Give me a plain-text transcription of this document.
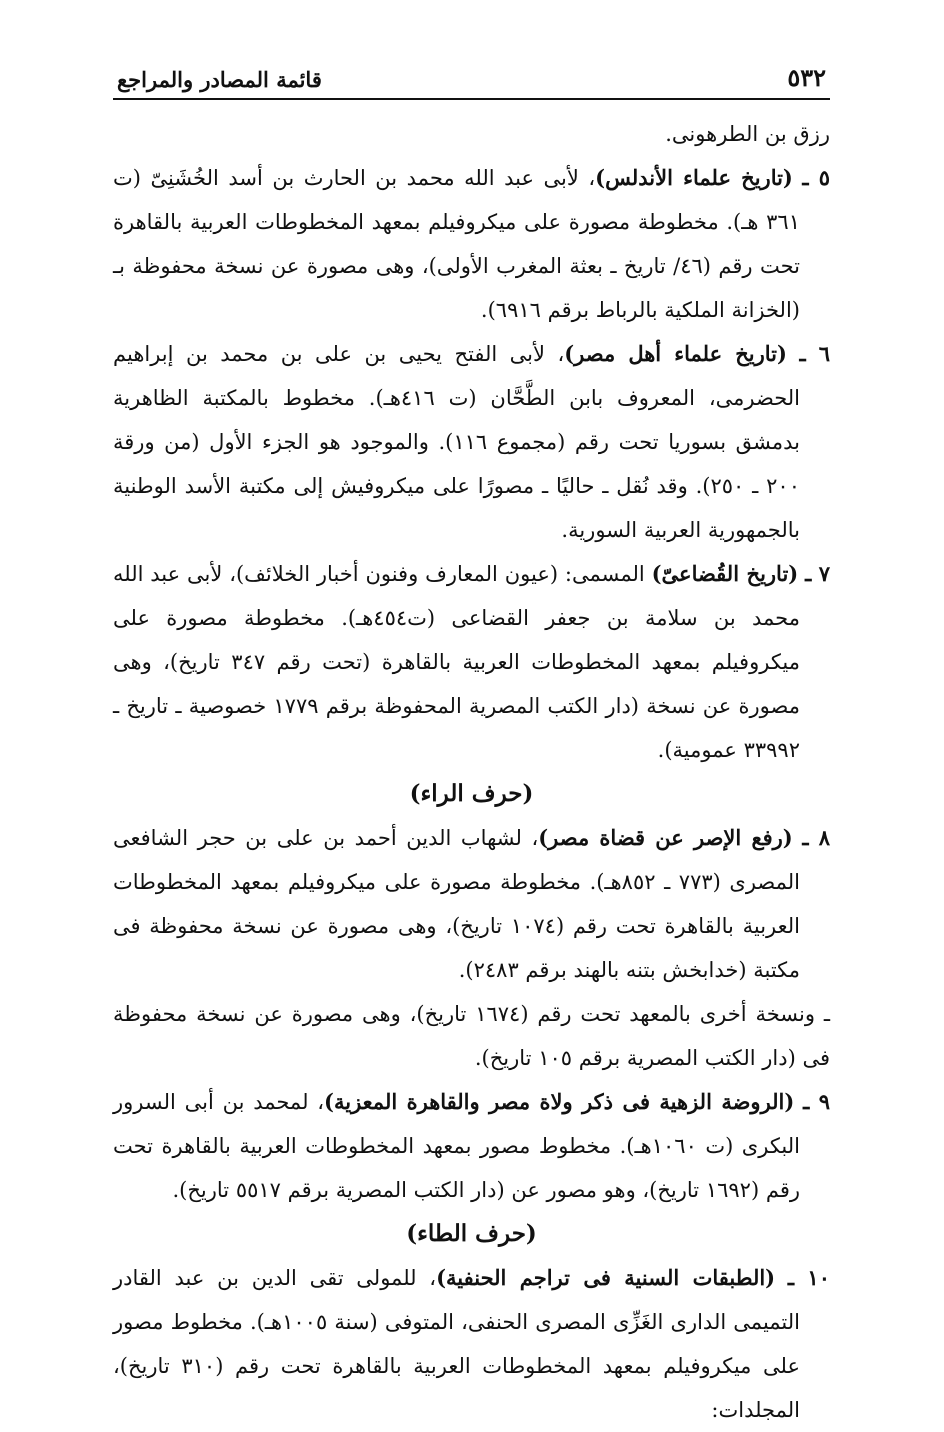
٥٣٢
قائمة المصادر والمراجع

رزق بن الطرهونى.

٥ ـ (تاريخ علماء الأندلس)، لأبى عبد الله محمد بن الحارث بن أسد الخُشَنِىّ (ت ٣٦١ هـ). مخطوطة مصورة على ميكروفيلم بمعهد المخطوطات العربية بالقاهرة تحت رقم (٤٦/ تاريخ ـ بعثة المغرب الأولى)، وهى مصورة عن نسخة محفوظة بـ (الخزانة الملكية بالرباط برقم ٦٩١٦).

٦ ـ (تاريخ علماء أهل مصر)، لأبى الفتح يحيى بن على بن محمد بن إبراهيم الحضرمى، المعروف بابن الطَّحَّان (ت ٤١٦هـ). مخطوط بالمكتبة الظاهرية بدمشق بسوريا تحت رقم (مجموع ١١٦). والموجود هو الجزء الأول (من ورقة ٢٠٠ ـ ٢٥٠). وقد نُقل ـ حاليًا ـ مصورًا على ميكروفيش إلى مكتبة الأسد الوطنية بالجمهورية العربية السورية.

٧ ـ (تاريخ القُضاعىّ) المسمى: (عيون المعارف وفنون أخبار الخلائف)، لأبى عبد الله محمد بن سلامة بن جعفر القضاعى (ت٤٥٤هـ). مخطوطة مصورة على ميكروفيلم بمعهد المخطوطات العربية بالقاهرة (تحت رقم ٣٤٧ تاريخ)، وهى مصورة عن نسخة (دار الكتب المصرية المحفوظة برقم ١٧٧٩ خصوصية ـ تاريخ ـ ٣٣٩٩٢ عمومية).

(حرف الراء)

٨ ـ (رفع الإصر عن قضاة مصر)، لشهاب الدين أحمد بن على بن حجر الشافعى المصرى (٧٧٣ ـ ٨٥٢هـ). مخطوطة مصورة على ميكروفيلم بمعهد المخطوطات العربية بالقاهرة تحت رقم (١٠٧٤ تاريخ)، وهى مصورة عن نسخة محفوظة فى مكتبة (خدابخش بتنه بالهند برقم ٢٤٨٣).

ـ ونسخة أخرى بالمعهد تحت رقم (١٦٧٤ تاريخ)، وهى مصورة عن نسخة محفوظة فى (دار الكتب المصرية برقم ١٠٥ تاريخ).

٩ ـ (الروضة الزهية فى ذكر ولاة مصر والقاهرة المعزية)، لمحمد بن أبى السرور البكرى (ت ١٠٦٠هـ). مخطوط مصور بمعهد المخطوطات العربية بالقاهرة تحت رقم (١٦٩٢ تاريخ)، وهو مصور عن (دار الكتب المصرية برقم ٥٥١٧ تاريخ).

(حرف الطاء)

١٠ ـ (الطبقات السنية فى تراجم الحنفية)، للمولى تقى الدين بن عبد القادر التميمى الدارى الغَزِّى المصرى الحنفى، المتوفى (سنة ١٠٠٥هـ). مخطوط مصور على ميكروفيلم بمعهد المخطوطات العربية بالقاهرة تحت رقم (٣١٠ تاريخ)، المجلدات:
